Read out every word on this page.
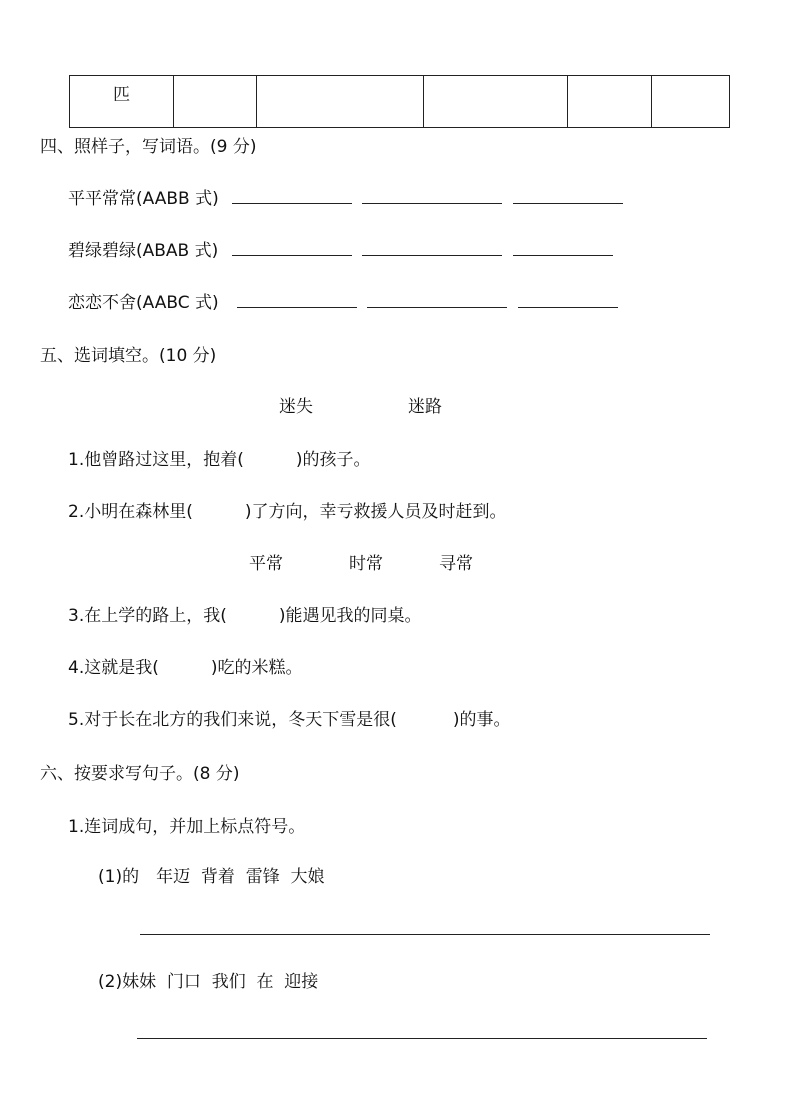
匹					
四、照样子，写词语。(9 分)
平平常常(AABB 式)
碧绿碧绿(ABAB 式)
恋恋不舍(AABC 式)
五、选词填空。(10 分)
迷失	迷路
1.他曾路过这里，抱着(	)的孩子。
2.小明在森林里(	)了方向，幸亏救援人员及时赶到。
平常	时常	寻常
3.在上学的路上，我(	)能遇见我的同桌。
4.这就是我(	)吃的米糕。
5.对于长在北方的我们来说，冬天下雪是很(	)的事。
六、按要求写句子。(8 分)
1.连词成句，并加上标点符号。
(1)的　年迈  背着  雷锋  大娘
(2)妹妹  门口  我们  在  迎接
